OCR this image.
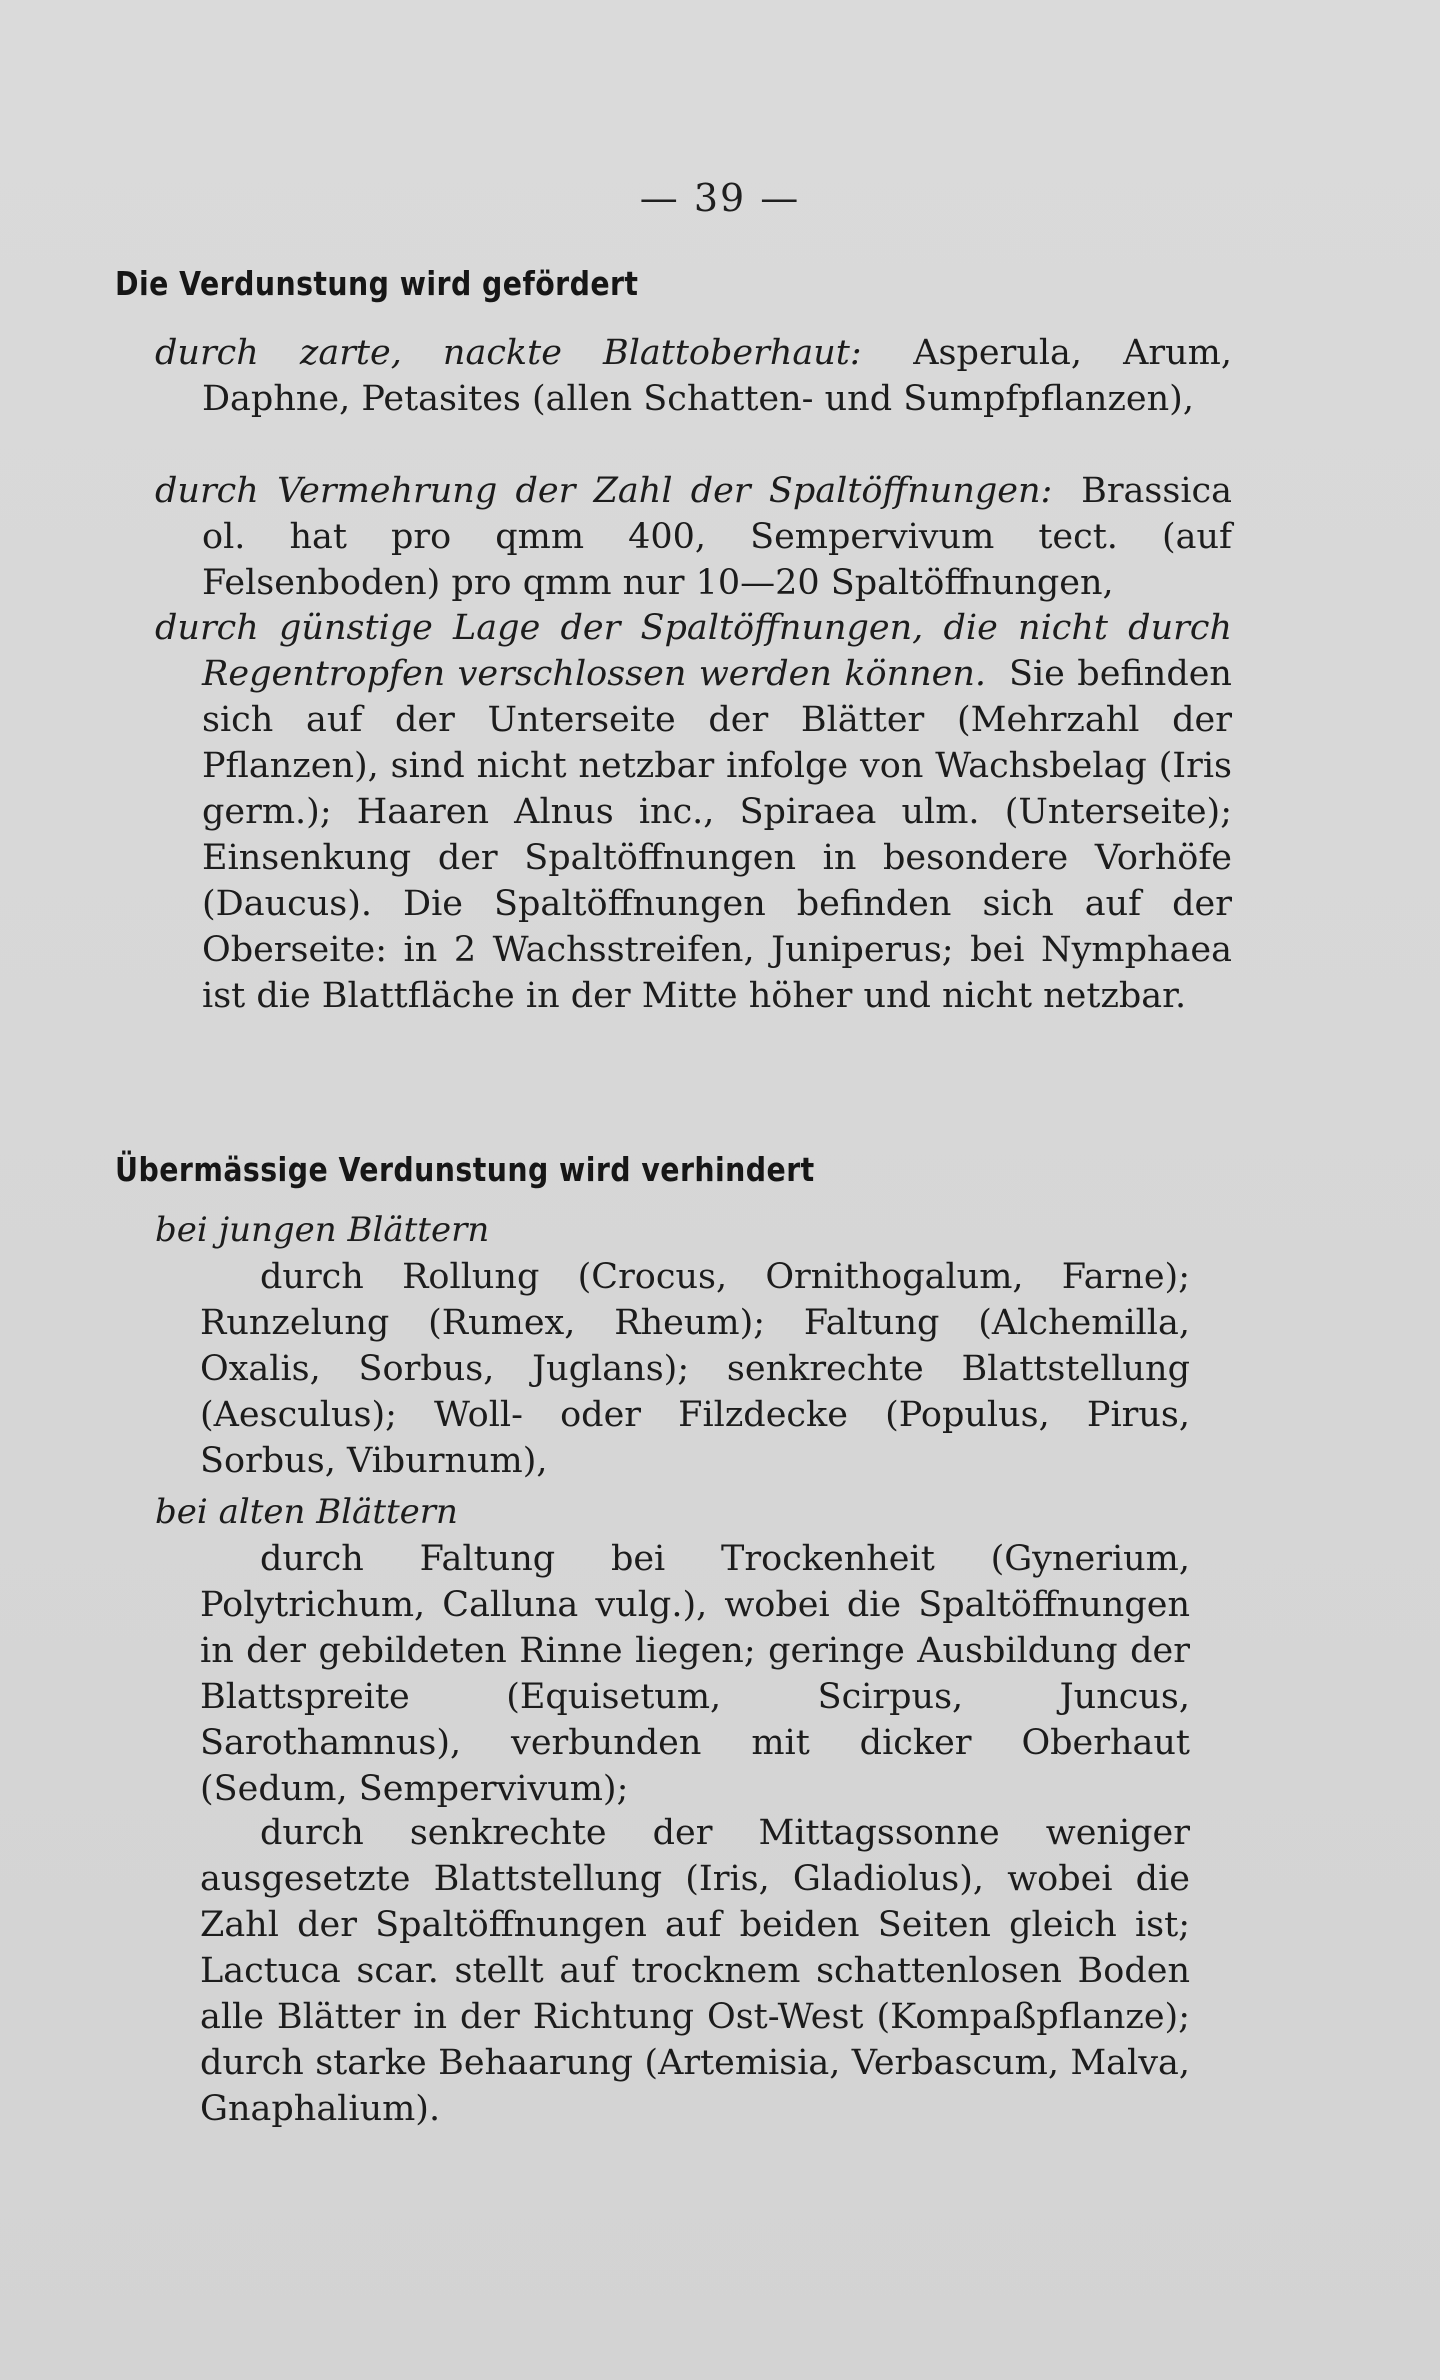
— 39 —
Die Verdunstung wird gefördert
durch zarte, nackte Blattoberhaut: Asperula, Arum, Daphne, Petasites (allen Schatten- und Sumpfpflanzen),
durch Vermehrung der Zahl der Spaltöffnungen: Brassica ol. hat pro qmm 400, Sempervivum tect. (auf Felsenboden) pro qmm nur 10—20 Spaltöffnungen,
durch günstige Lage der Spaltöffnungen, die nicht durch Regentropfen verschlossen werden können. Sie befinden sich auf der Unterseite der Blätter (Mehrzahl der Pflanzen), sind nicht netzbar infolge von Wachsbelag (Iris germ.); Haaren Alnus inc., Spiraea ulm. (Unterseite); Einsenkung der Spaltöffnungen in besondere Vorhöfe (Daucus). Die Spaltöffnungen befinden sich auf der Oberseite: in 2 Wachsstreifen, Juniperus; bei Nymphaea ist die Blattfläche in der Mitte höher und nicht netzbar.
Übermässige Verdunstung wird verhindert
bei jungen Blättern
durch Rollung (Crocus, Ornithogalum, Farne); Runzelung (Rumex, Rheum); Faltung (Alchemilla, Oxalis, Sorbus, Juglans); senkrechte Blattstellung (Aesculus); Woll- oder Filzdecke (Populus, Pirus, Sorbus, Viburnum),
bei alten Blättern
durch Faltung bei Trockenheit (Gynerium, Polytrichum, Calluna vulg.), wobei die Spaltöffnungen in der gebildeten Rinne liegen; geringe Ausbildung der Blattspreite (Equisetum, Scirpus, Juncus, Sarothamnus), verbunden mit dicker Oberhaut (Sedum, Sempervivum);
durch senkrechte der Mittagssonne weniger ausgesetzte Blattstellung (Iris, Gladiolus), wobei die Zahl der Spaltöffnungen auf beiden Seiten gleich ist; Lactuca scar. stellt auf trocknem schattenlosen Boden alle Blätter in der Richtung Ost-West (Kompaßpflanze); durch starke Behaarung (Artemisia, Verbascum, Malva, Gnaphalium).
